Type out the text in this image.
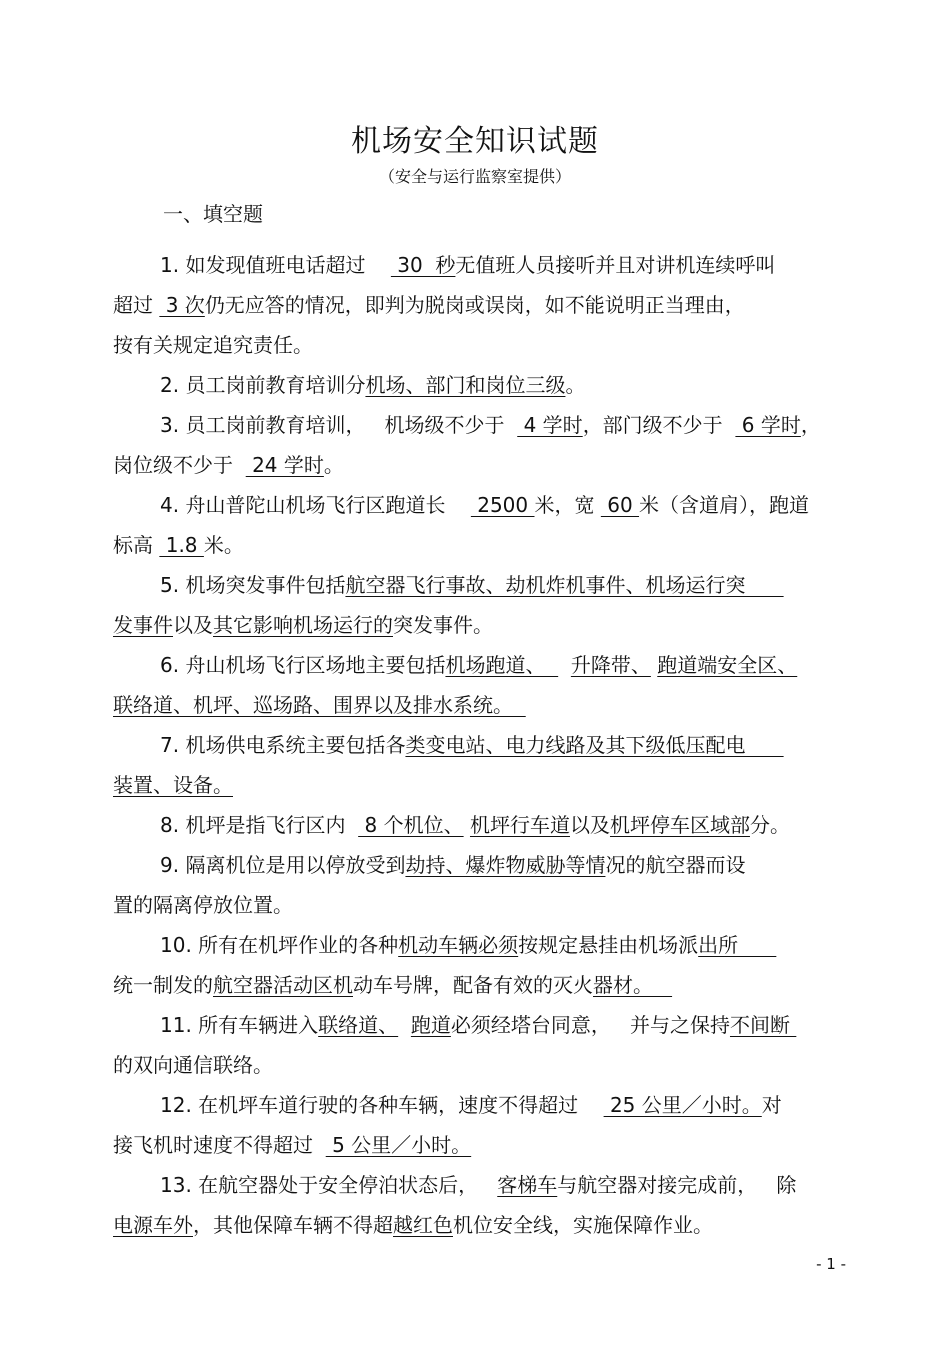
机场安全知识试题
（安全与运行监察室提供）
一、填空题
1. 如发现值班电话超过     30  秒无值班人员接听并且对讲机连续呼叫
超过  3 次仍无应答的情况，即判为脱岗或误岗，如不能说明正当理由，
按有关规定追究责任。
2. 员工岗前教育培训分机场、部门和岗位三级。
3. 员工岗前教育培训，   机场级不少于   4 学时，部门级不少于   6 学时，
岗位级不少于   24 学时。
4. 舟山普陀山机场飞行区跑道长     2500 米，宽  60 米（含道肩），跑道
标高  1.8 米。
5. 机场突发事件包括航空器飞行事故、劫机炸机事件、机场运行突
发事件以及其它影响机场运行的突发事件。
6. 舟山机场飞行区场地主要包括机场跑道、    升降带、 跑道端安全区、
联络道、机坪、巡场路、围界以及排水系统。
7. 机场供电系统主要包括各类变电站、电力线路及其下级低压配电
装置、设备。
8. 机坪是指飞行区内   8 个机位、 机坪行车道以及机坪停车区域部分。
9. 隔离机位是用以停放受到劫持、爆炸物威胁等情况的航空器而设
置的隔离停放位置。
10. 所有在机坪作业的各种机动车辆必须按规定悬挂由机场派出所
统一制发的航空器活动区机动车号牌，配备有效的灭火器材。
11. 所有车辆进入联络道、 跑道必须经塔台同意，   并与之保持不间断
的双向通信联络。
12. 在机坪车道行驶的各种车辆，速度不得超过     25 公里／小时。对
接飞机时速度不得超过   5 公里／小时。
13. 在航空器处于安全停泊状态后，   客梯车与航空器对接完成前，   除
电源车外，其他保障车辆不得超越红色机位安全线，实施保障作业。
- 1 -
